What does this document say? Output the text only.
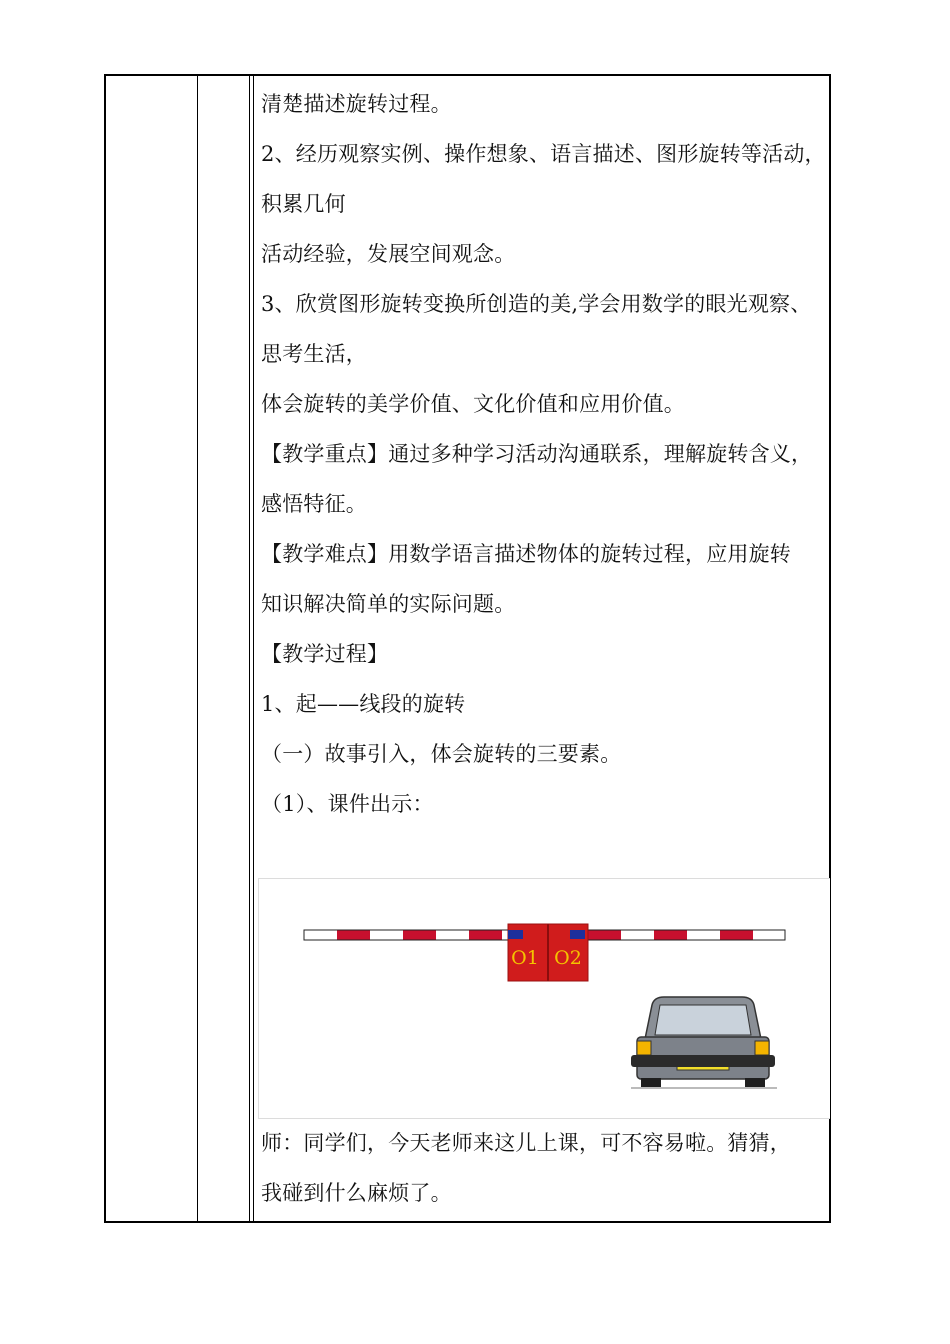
清楚描述旋转过程。
2、经历观察实例、操作想象、语言描述、图形旋转等活动，
积累几何
活动经验，发展空间观念。
3、欣赏图形旋转变换所创造的美,学会用数学的眼光观察、
思考生活，
体会旋转的美学价值、文化价值和应用价值。
【教学重点】通过多种学习活动沟通联系，理解旋转含义，
感悟特征。
【教学难点】用数学语言描述物体的旋转过程，应用旋转
知识解决简单的实际问题。
【教学过程】
1、起——线段的旋转
（一）故事引入，体会旋转的三要素。
（1）、课件出示：
O1 O2
师：同学们，今天老师来这儿上课，可不容易啦。猜猜，
我碰到什么麻烦了。
